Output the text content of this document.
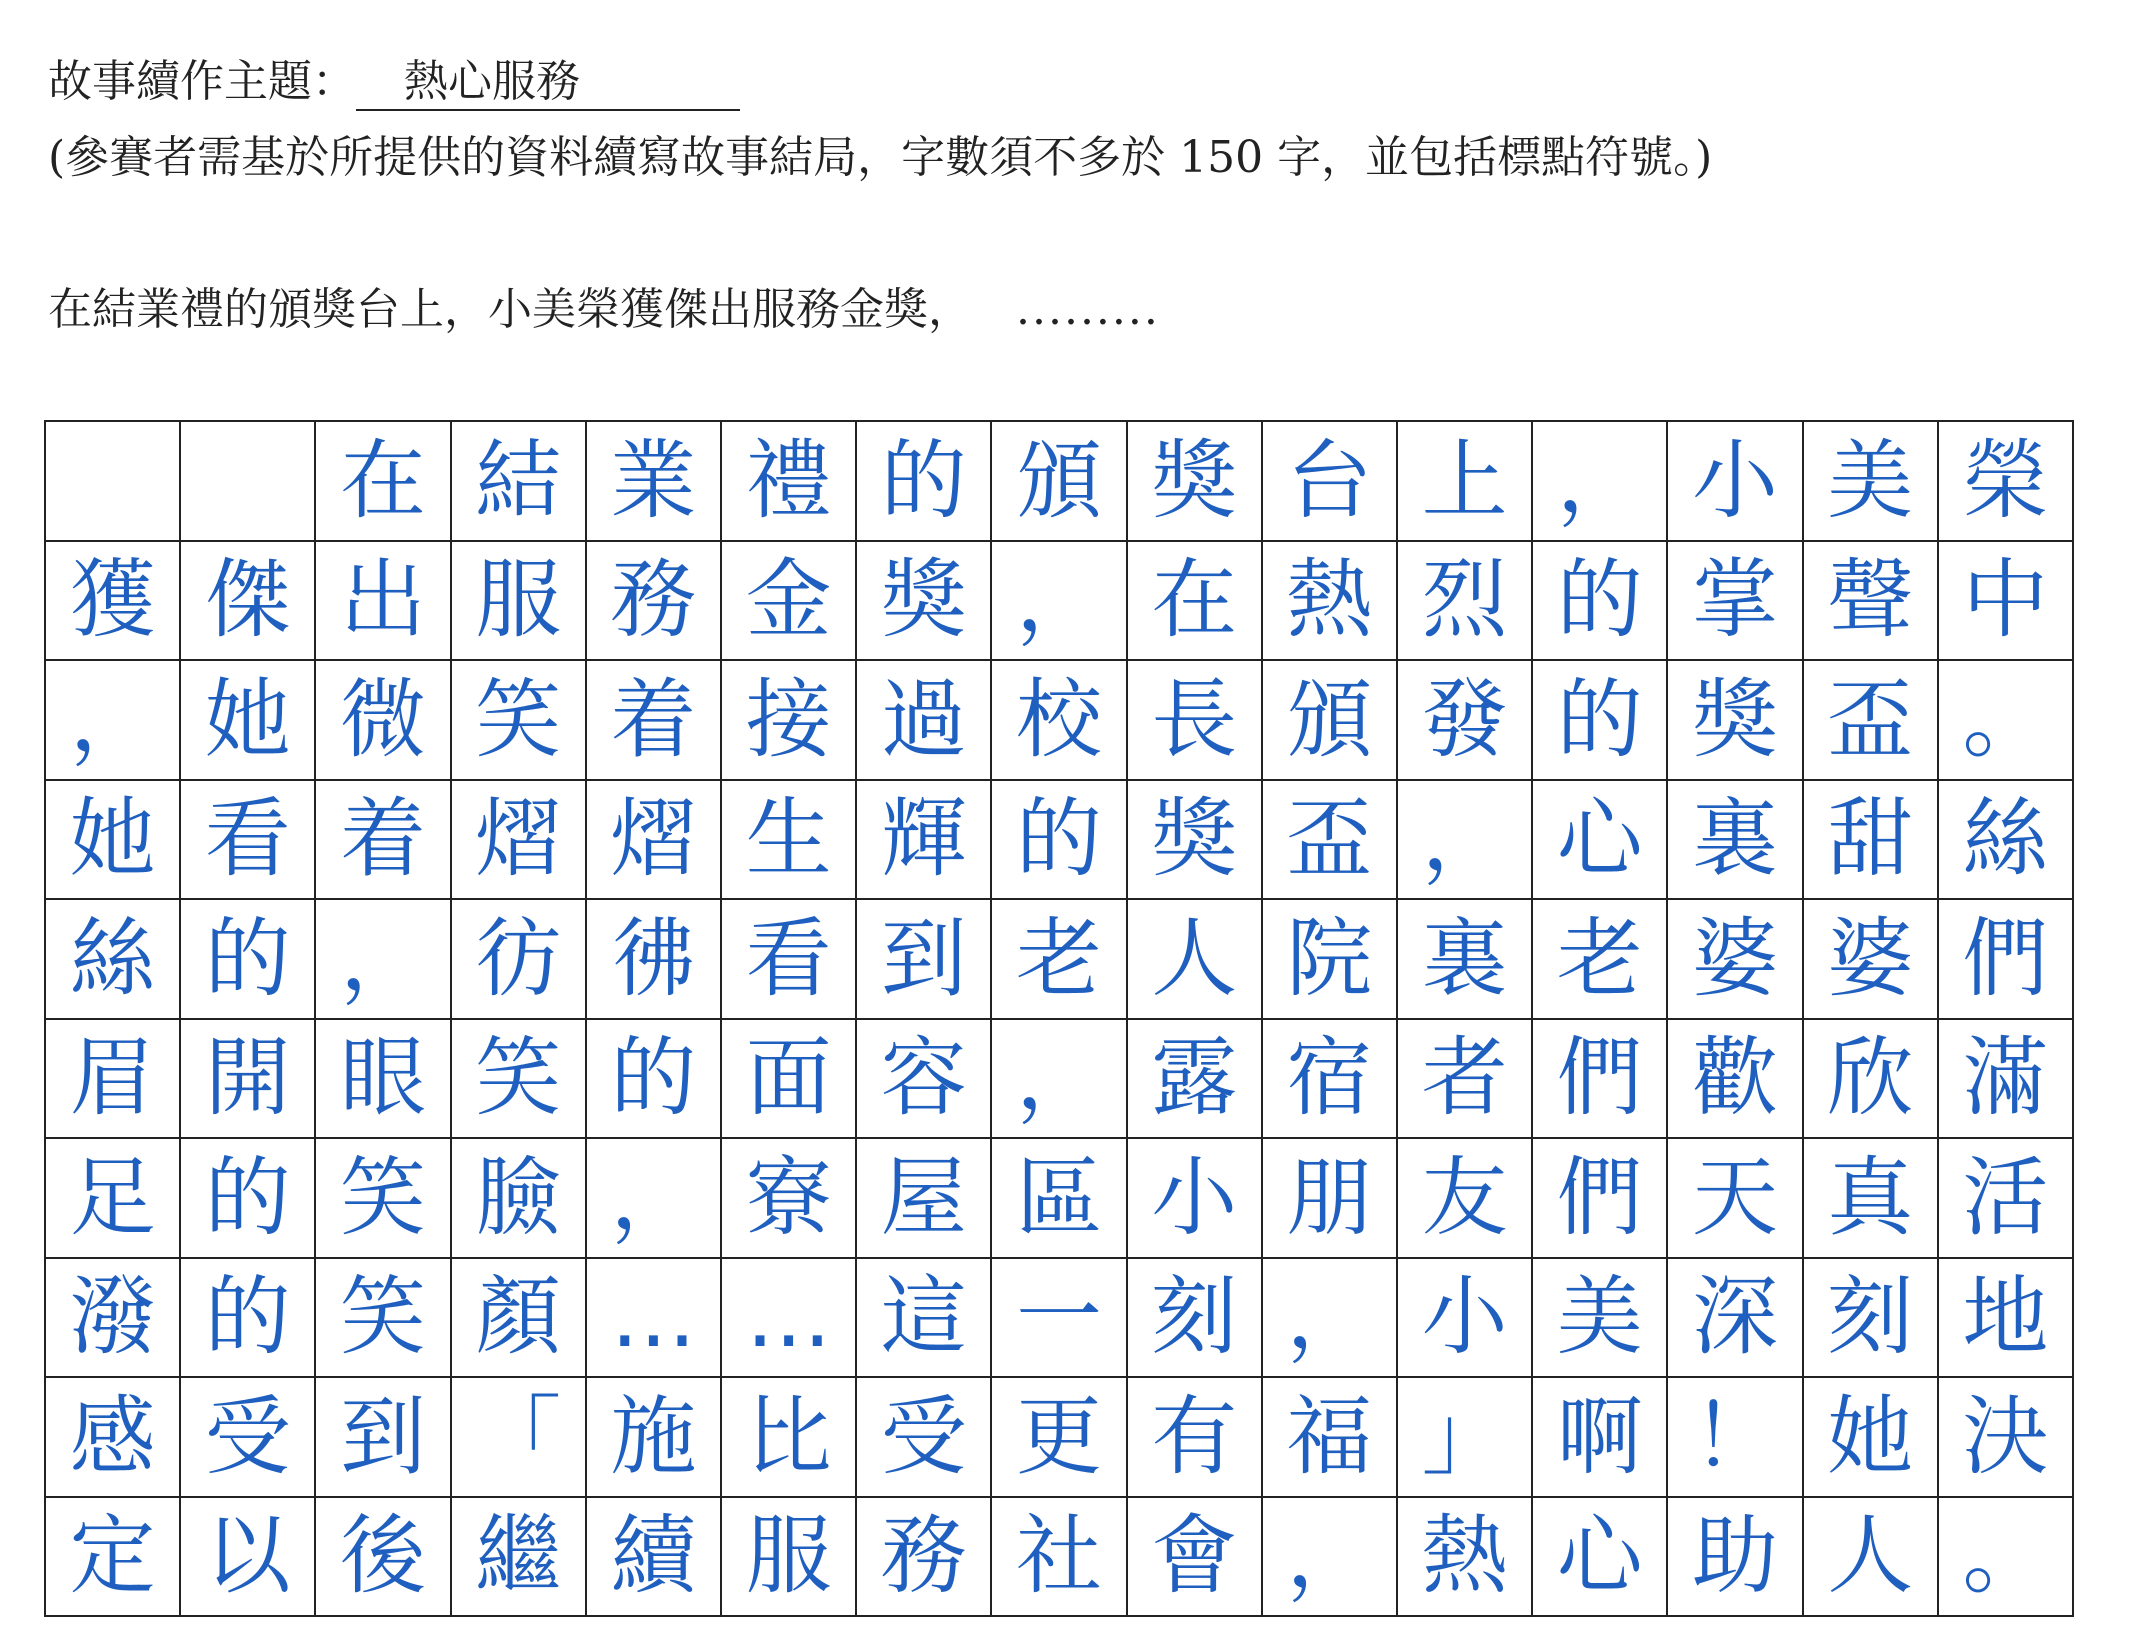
故事續作主題： 熱心服務
(參賽者需基於所提供的資料續寫故事結局，字數須不多於 150 字，並包括標點符號。)
在結業禮的頒獎台上，小美榮獲傑出服務金獎， .........
在 結 業 禮 的 頒 獎 台 上 ， 小 美 榮
獲 傑 出 服 務 金 獎 ， 在 熱 烈 的 掌 聲 中
， 她 微 笑 着 接 過 校 長 頒 發 的 獎 盃 。
她 看 着 熠 熠 生 輝 的 獎 盃 ， 心 裏 甜 絲
絲 的 ， 彷 彿 看 到 老 人 院 裏 老 婆 婆 們
眉 開 眼 笑 的 面 容 ， 露 宿 者 們 歡 欣 滿
足 的 笑 臉 ， 寮 屋 區 小 朋 友 們 天 真 活
潑 的 笑 顏 … … 這 一 刻 ， 小 美 深 刻 地
感 受 到 「 施 比 受 更 有 福 」 啊 ！ 她 決
定 以 後 繼 續 服 務 社 會 ， 熱 心 助 人 。
